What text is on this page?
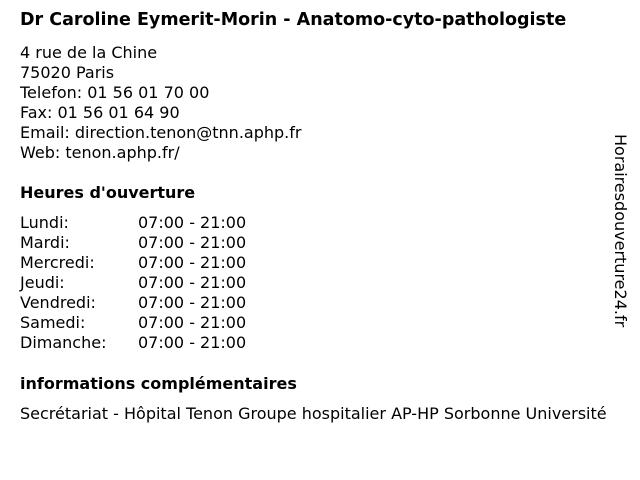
Dr Caroline Eymerit-Morin - Anatomo-cyto-pathologiste
4 rue de la Chine
75020 Paris
Telefon: 01 56 01 70 00
Fax: 01 56 01 64 90
Email: direction.tenon@tnn.aphp.fr
Web: tenon.aphp.fr/
Heures d'ouverture
Lundi:	07:00 - 21:00
Mardi:	07:00 - 21:00
Mercredi:	07:00 - 21:00
Jeudi:	07:00 - 21:00
Vendredi:	07:00 - 21:00
Samedi:	07:00 - 21:00
Dimanche:	07:00 - 21:00
informations complémentaires
Secrétariat - Hôpital Tenon Groupe hospitalier AP-HP Sorbonne Université
Horairesdouverture24.fr
